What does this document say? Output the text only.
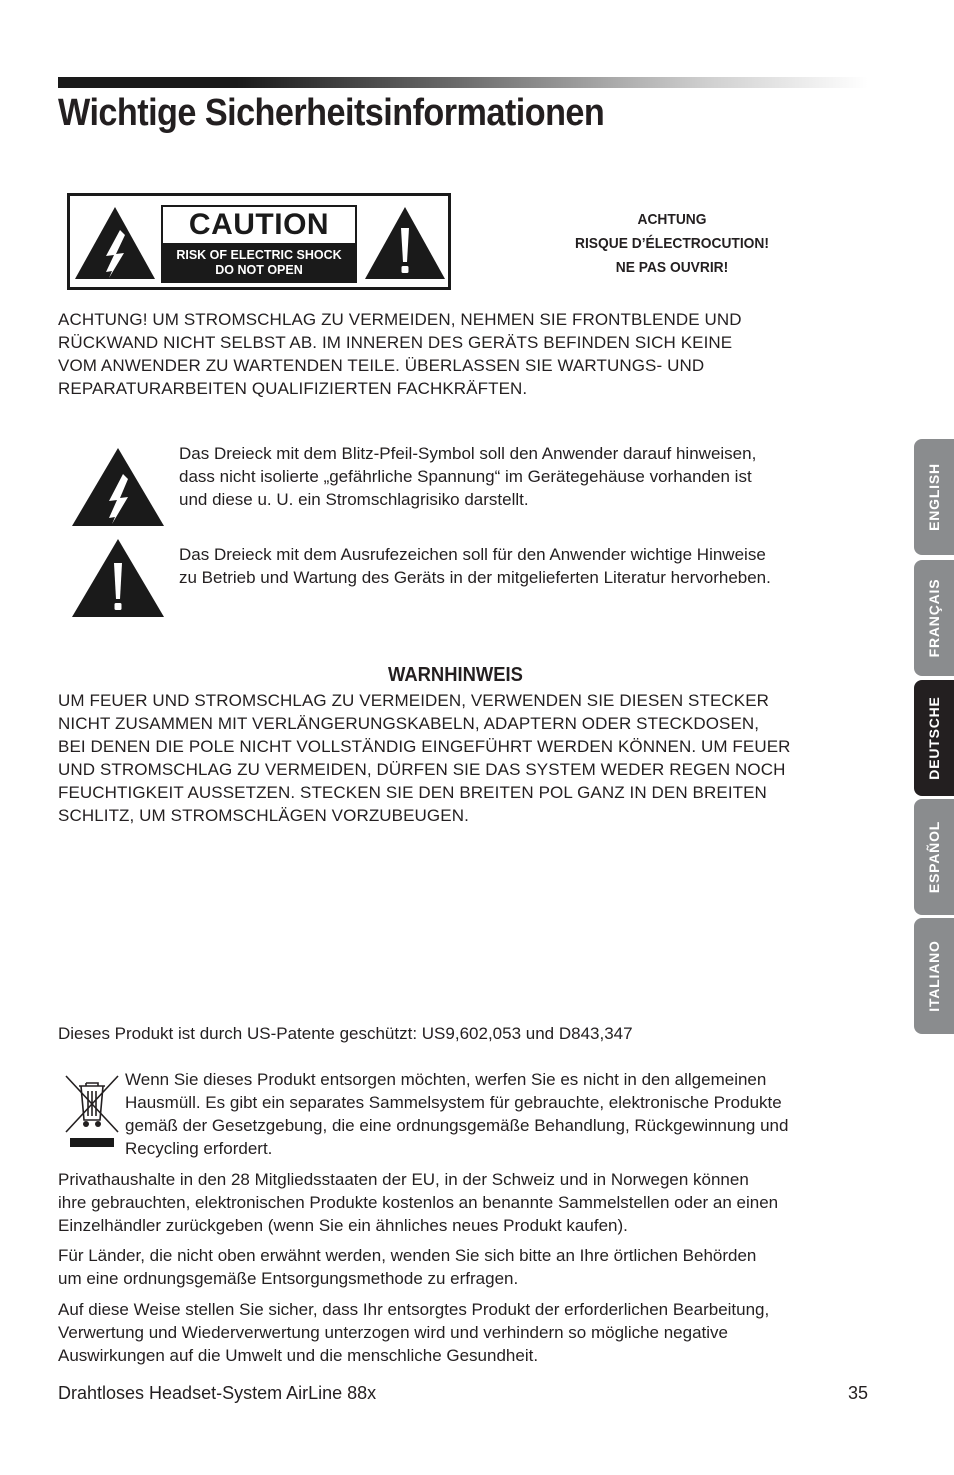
Wichtige Sicherheitsinformationen
CAUTION
RISK OF ELECTRIC SHOCK
DO NOT OPEN
ACHTUNG
RISQUE D’ÉLECTROCUTION!
NE PAS OUVRIR!
ACHTUNG! UM STROMSCHLAG ZU VERMEIDEN, NEHMEN SIE FRONTBLENDE UND
RÜCKWAND NICHT SELBST AB. IM INNEREN DES GERÄTS BEFINDEN SICH KEINE
VOM ANWENDER ZU WARTENDEN TEILE. ÜBERLASSEN SIE WARTUNGS- UND
REPARATURARBEITEN QUALIFIZIERTEN FACHKRÄFTEN.
Das Dreieck mit dem Blitz-Pfeil-Symbol soll den Anwender darauf hinweisen,
dass nicht isolierte „gefährliche Spannung“ im Gerätegehäuse vorhanden ist
und diese u. U. ein Stromschlagrisiko darstellt.
Das Dreieck mit dem Ausrufezeichen soll für den Anwender wichtige Hinweise
zu Betrieb und Wartung des Geräts in der mitgelieferten Literatur hervorheben.
WARNHINWEIS
UM FEUER UND STROMSCHLAG ZU VERMEIDEN, VERWENDEN SIE DIESEN STECKER
NICHT ZUSAMMEN MIT VERLÄNGERUNGSKABELN, ADAPTERN ODER STECKDOSEN,
BEI DENEN DIE POLE NICHT VOLLSTÄNDIG EINGEFÜHRT WERDEN KÖNNEN. UM FEUER
UND STROMSCHLAG ZU VERMEIDEN, DÜRFEN SIE DAS SYSTEM WEDER REGEN NOCH
FEUCHTIGKEIT AUSSETZEN. STECKEN SIE DEN BREITEN POL GANZ IN DEN BREITEN
SCHLITZ, UM STROMSCHLÄGEN VORZUBEUGEN.
Dieses Produkt ist durch US-Patente geschützt: US9,602,053 und D843,347
Wenn Sie dieses Produkt entsorgen möchten, werfen Sie es nicht in den allgemeinen
Hausmüll. Es gibt ein separates Sammelsystem für gebrauchte, elektronische Produkte
gemäß der Gesetzgebung, die eine ordnungsgemäße Behandlung, Rückgewinnung und
Recycling erfordert.
Privathaushalte in den 28 Mitgliedsstaaten der EU, in der Schweiz und in Norwegen können
ihre gebrauchten, elektronischen Produkte kostenlos an benannte Sammelstellen oder an einen
Einzelhändler zurückgeben (wenn Sie ein ähnliches neues Produkt kaufen).
Für Länder, die nicht oben erwähnt werden, wenden Sie sich bitte an Ihre örtlichen Behörden
um eine ordnungsgemäße Entsorgungsmethode zu erfragen.
Auf diese Weise stellen Sie sicher, dass Ihr entsorgtes Produkt der erforderlichen Bearbeitung,
Verwertung und Wiederverwertung unterzogen wird und verhindern so mögliche negative
Auswirkungen auf die Umwelt und die menschliche Gesundheit.
ENGLISH
FRANÇAIS
DEUTSCHE
ESPAÑOL
ITALIANO
Drahtloses Headset-System AirLine 88x	35
